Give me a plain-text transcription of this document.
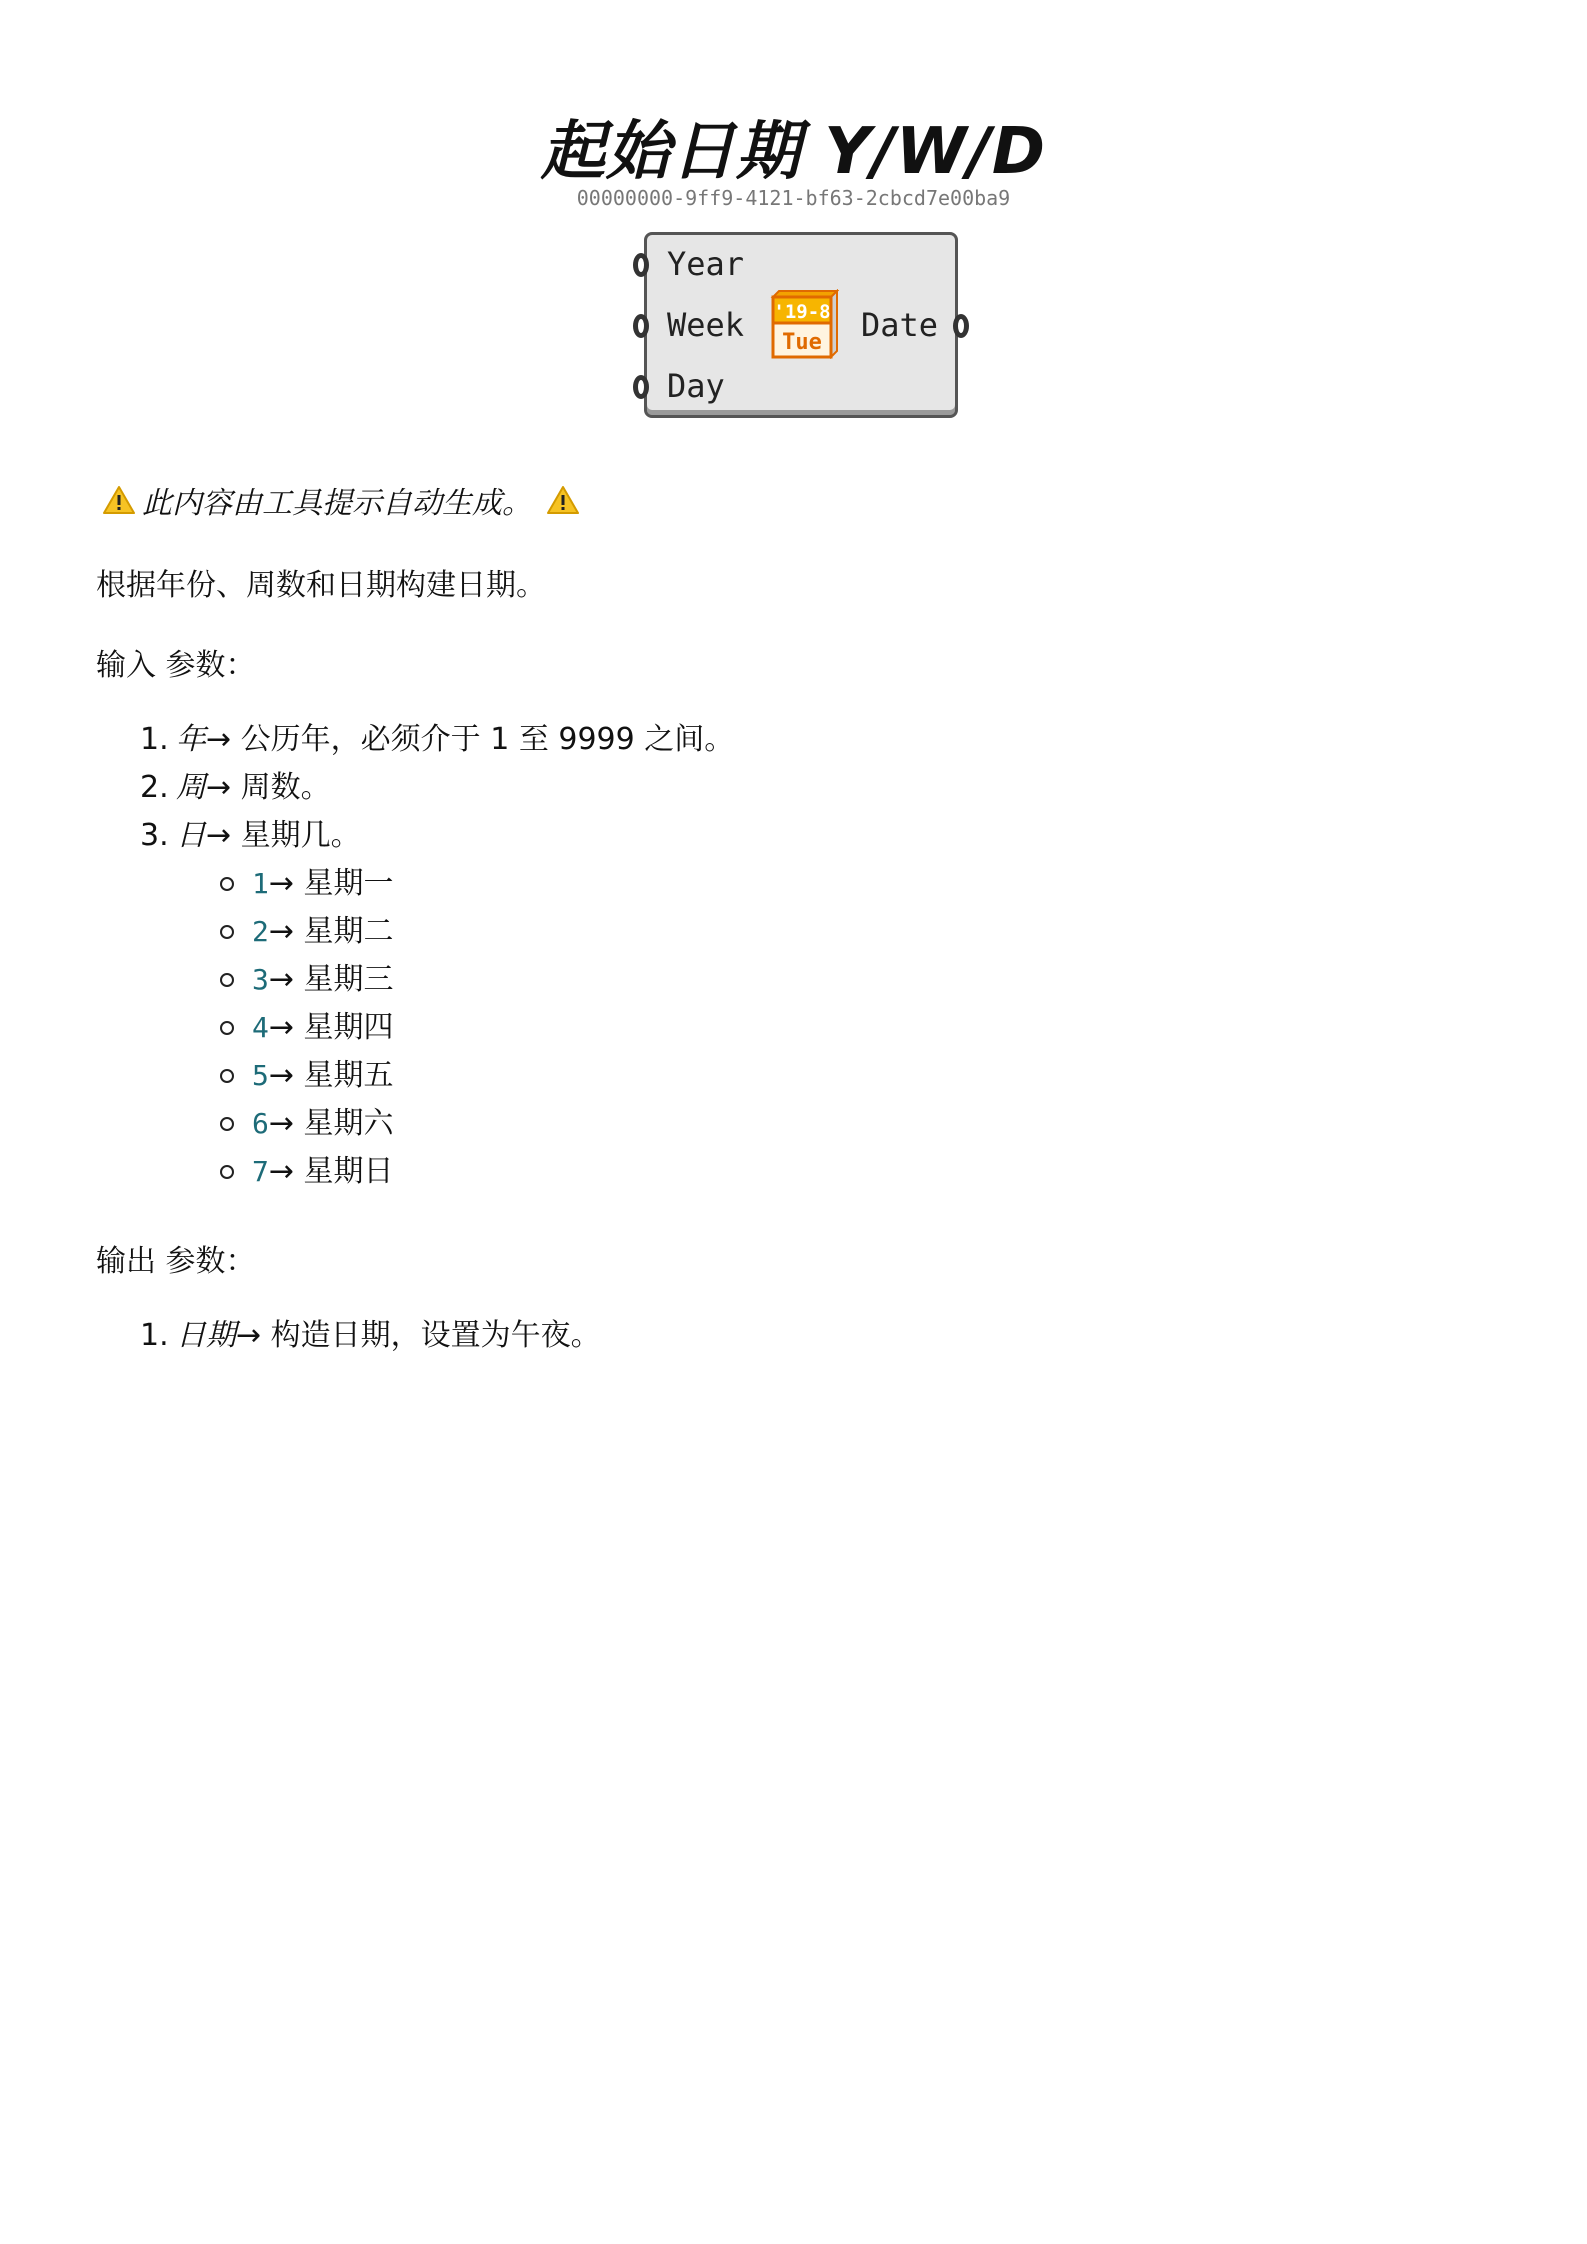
起始日期 Y/W/D
00000000-9ff9-4121-bf63-2cbcd7e00ba9
Year
Week
Day
Date
'19-8
Tue
此内容由工具提示自动生成。
根据年份、周数和日期构建日期。
输入 参数：
1. 年→ 公历年，必须介于 1 至 9999 之间。
2. 周→ 周数。
3. 日→ 星期几。
1→ 星期一
2→ 星期二
3→ 星期三
4→ 星期四
5→ 星期五
6→ 星期六
7→ 星期日
输出 参数：
1. 日期→ 构造日期，设置为午夜。
